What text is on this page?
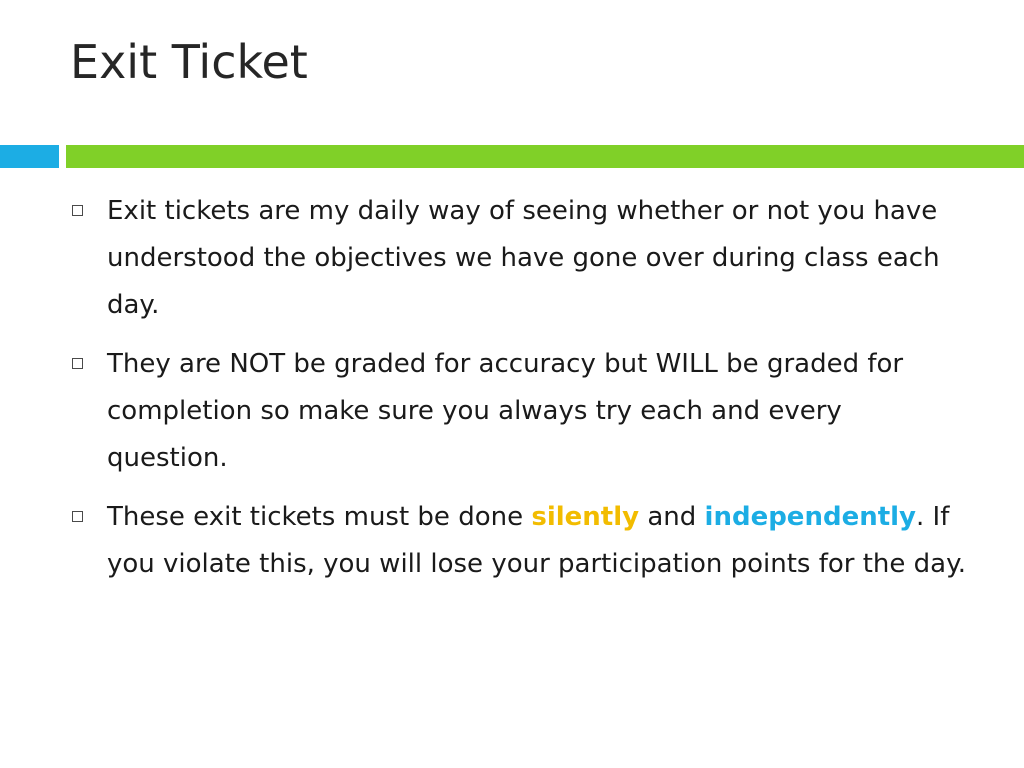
Exit Ticket
Exit tickets are my daily way of seeing whether or not you have understood the objectives we have gone over during class each day.
They are NOT be graded for accuracy but WILL be graded for completion so make sure you always try each and every question.
These exit tickets must be done silently and independently. If you violate this, you will lose your participation points for the day.
